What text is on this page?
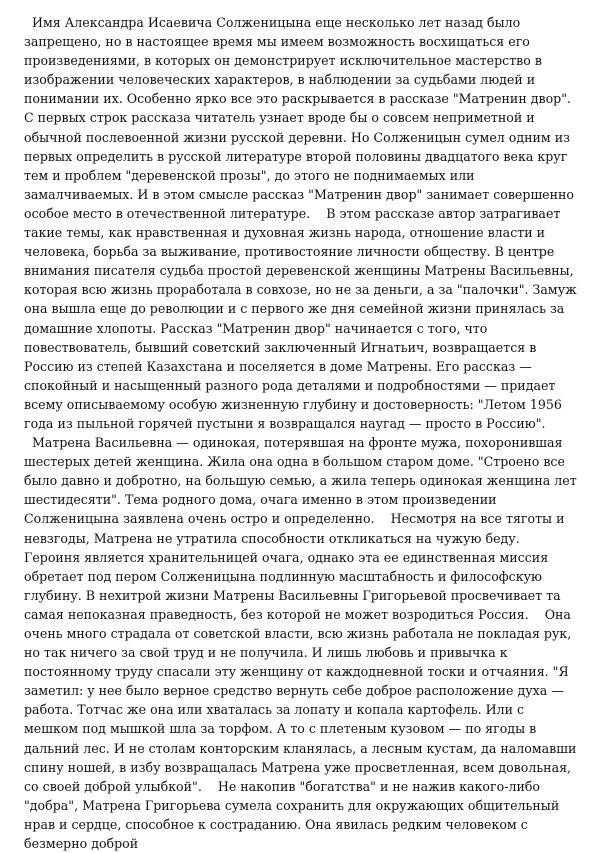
Имя Александра Исаевича Солженицына еще несколько лет назад было запрещено, но в настоящее время мы имеем возможность восхищаться его произведениями, в которых он демонстрирует исключительное мастерство в изображении человеческих характеров, в наблюдении за судьбами людей и понимании их. Особенно ярко все это раскрывается в рассказе "Матренин двор". С первых строк рассказа читатель узнает вроде бы о совсем неприметной и обычной послевоенной жизни русской деревни. Но Солженицын сумел одним из первых определить в русской литературе второй половины двадцатого века круг тем и проблем "деревенской прозы", до этого не поднимаемых или замалчиваемых. И в этом смысле рассказ "Матренин двор" занимает совершенно особое место в отечественной литературе. В этом рассказе автор затрагивает такие темы, как нравственная и духовная жизнь народа, отношение власти и человека, борьба за выживание, противостояние личности обществу. В центре внимания писателя судьба простой деревенской женщины Матрены Васильевны, которая всю жизнь проработала в совхозе, но не за деньги, а за "палочки". Замуж она вышла еще до революции и с первого же дня семейной жизни принялась за домашние хлопоты. Рассказ "Матренин двор" начинается с того, что повествователь, бывший советский заключенный Игнатьич, возвращается в Россию из степей Казахстана и поселяется в доме Матрены. Его рассказ — спокойный и насыщенный разного рода деталями и подробностями — придает всему описываемому особую жизненную глубину и достоверность: "Летом 1956 года из пыльной горячей пустыни я возвращался наугад — просто в Россию".

Матрена Васильевна — одинокая, потерявшая на фронте мужа, похоронившая шестерых детей женщина. Жила она одна в большом старом доме. "Строено все было давно и добротно, на большую семью, а жила теперь одинокая женщина лет шестидесяти". Тема родного дома, очага именно в этом произведении Солженицына заявлена очень остро и определенно. Несмотря на все тяготы и невзгоды, Матрена не утратила способности откликаться на чужую беду. Героиня является хранительницей очага, однако эта ее единственная миссия обретает под пером Солженицына подлинную масштабность и философскую глубину. В нехитрой жизни Матрены Васильевны Григорьевой просвечивает та самая непоказная праведность, без которой не может возродиться Россия. Она очень много страдала от советской власти, всю жизнь работала не покладая рук, но так ничего за свой труд и не получила. И лишь любовь и привычка к постоянному труду спасали эту женщину от каждодневной тоски и отчаяния. "Я заметил: у нее было верное средство вернуть себе доброе расположение духа — работа. Тотчас же она или хваталась за лопату и копала картофель. Или с мешком под мышкой шла за торфом. А то с плетеным кузовом — по ягоды в дальний лес. И не столам конторским кланялась, а лесным кустам, да наломавши спину ношей, в избу возвращалась Матрена уже просветленная, всем довольная, со своей доброй улыбкой". Не накопив "богатства" и не нажив какого-либо "добра", Матрена Григорьева сумела сохранить для окружающих общительный нрав и сердце, способное к состраданию. Она явилась редким человеком с безмерно доброй
